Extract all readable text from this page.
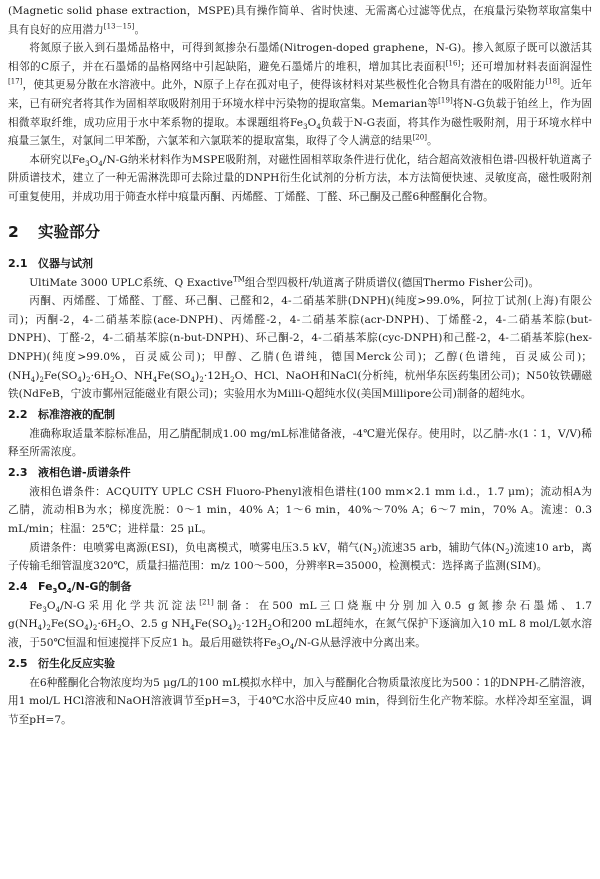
(Magnetic solid phase extraction，MSPE)具有操作简单、省时快速、无需离心过滤等优点，在痕量污染物萃取富集中具有良好的应用潜力[13－15]。

将氮原子嵌入到石墨烯晶格中，可得到氮掺杂石墨烯(Nitrogen-doped graphene，N-G)。掺入氮原子既可以激活其相邻的C原子，并在石墨烯的晶格网络中引起缺陷，避免石墨烯片的堆积，增加其比表面积[16]；还可增加材料表面润湿性[17]，使其更易分散在水溶液中。此外，N原子上存在孤对电子，使得该材料对某些极性化合物具有潜在的吸附能力[18]。近年来，已有研究者将其作为固相萃取吸附剂用于环境水样中污染物的提取富集。Memarian等[19]将N-G负载于铂丝上，作为固相微萃取纤维，成功应用于水中苯系物的提取。本课题组将$Fe_3O_4$负载于N-G表面，将其作为磁性吸附剂，用于环境水样中痕量三氯生，对氯间二甲苯酚，六氯苯和六氯联苯的提取富集，取得了令人满意的结果[20]。

本研究以$Fe_3O_4/N-G$纳米材料作为MSPE吸附剂，对磁性固相萃取条件进行优化，结合超高效液相色谱-四极杆轨道离子阱质谱技术，建立了一种无需淋洗即可去除过量的DNPH衍生化试剂的分析方法，本方法简便快速、灵敏度高，磁性吸附剂可重复使用，并成功用于筛查水样中痕量丙酮、丙烯醛、丁烯醛、丁醛、环己酮及己醛6种醛酮化合物。

2 实验部分
2.1 仪器与试剂

UltiMate 3000 UPLC系统、Q Exactive™组合型四极杆/轨道离子阱质谱仪(德国Thermo Fisher公司)。

丙酮、丙烯醛、丁烯醛、丁醛、环己酮、己醛和2，4-二硝基苯肼(DNPH)(纯度>99.0%，阿拉丁试剂(上海)有限公司)；丙酮-2，4-二硝基苯腙(ace-DNPH)、丙烯醛-2，4-二硝基苯腙(acr-DNPH)、丁烯醛-2，4-二硝基苯腙(but-DNPH)、丁醛-2，4-二硝基苯腙(n-but-DNPH)、环己酮-2，4-二硝基苯腙(cyc-DNPH)和己醛-2，4-二硝基苯腙(hex-DNPH)(纯度>99.0%，百灵威公司)；甲醇、乙腈(色谱纯，德国Merck公司)；乙醇(色谱纯，百灵威公司)；$(NH_4)_2Fe(SO_4)_2\cdot 6H_2O$、$NH_4Fe(SO_4)_2\cdot 12H_2O$、HCl、NaOH和NaCl(分析纯，杭州华东医药集团公司)；N50钕铁硼磁铁(NdFeB，宁波市鄞州冠能磁业有限公司)；实验用水为Milli-Q超纯水仪(美国Millipore公司)制备的超纯水。

2.2 标准溶液的配制

准确称取适量苯腙标准品，用乙腈配制成1.00 mg/mL标准储备液，-4℃避光保存。使用时，以乙腈-水(1∶1，V/V)稀释至所需浓度。

2.3 液相色谱-质谱条件

液相色谱条件：ACQUITY UPLC CSH Fluoro-Phenyl液相色谱柱(100 mm×2.1 mm i.d.，1.7 μm)；流动相A为乙腈，流动相B为水；梯度洗脱：0～1 min，40% A；1～6 min，40%～70% A；6～7 min，70% A。流速：0.3 mL/min；柱温：25℃；进样量：25 μL。

质谱条件：电喷雾电离源(ESI)，负电离模式，喷雾电压3.5 kV，鞘气$(N_2)$流速35 arb，辅助气体$(N_2)$流速10 arb，离子传输毛细管温度320℃，质量扫描范围：m/z 100～500，分辨率R=35000，检测模式：选择离子监测(SIM)。

2.4 $Fe_3O_4/N-G$的制备

$Fe_3O_4/N-G$采用化学共沉淀法[21]制备：在500 mL三口烧瓶中分别加入0.5 g氮掺杂石墨烯、1.7 $g(NH_4)_2Fe(SO_4)_2\cdot 6H_2O$、2.5 g $NH_4Fe(SO_4)_2\cdot 12H_2O$和200 mL超纯水，在氮气保护下逐滴加入10 mL 8 mol/L氨水溶液，于50℃恒温和恒速搅拌下反应1 h。最后用磁铁将$Fe_3O_4/N-G$从悬浮液中分离出来。

2.5 衍生化反应实验

在6种醛酮化合物浓度均为5 μg/L的100 mL模拟水样中，加入与醛酮化合物质量浓度比为500∶1的DNPH-乙腈溶液，用1 mol/L HCl溶液和NaOH溶液调节至pH=3，于40℃水浴中反应40 min，得到衍生化产物苯腙。水样冷却至室温，调节至pH=7。
